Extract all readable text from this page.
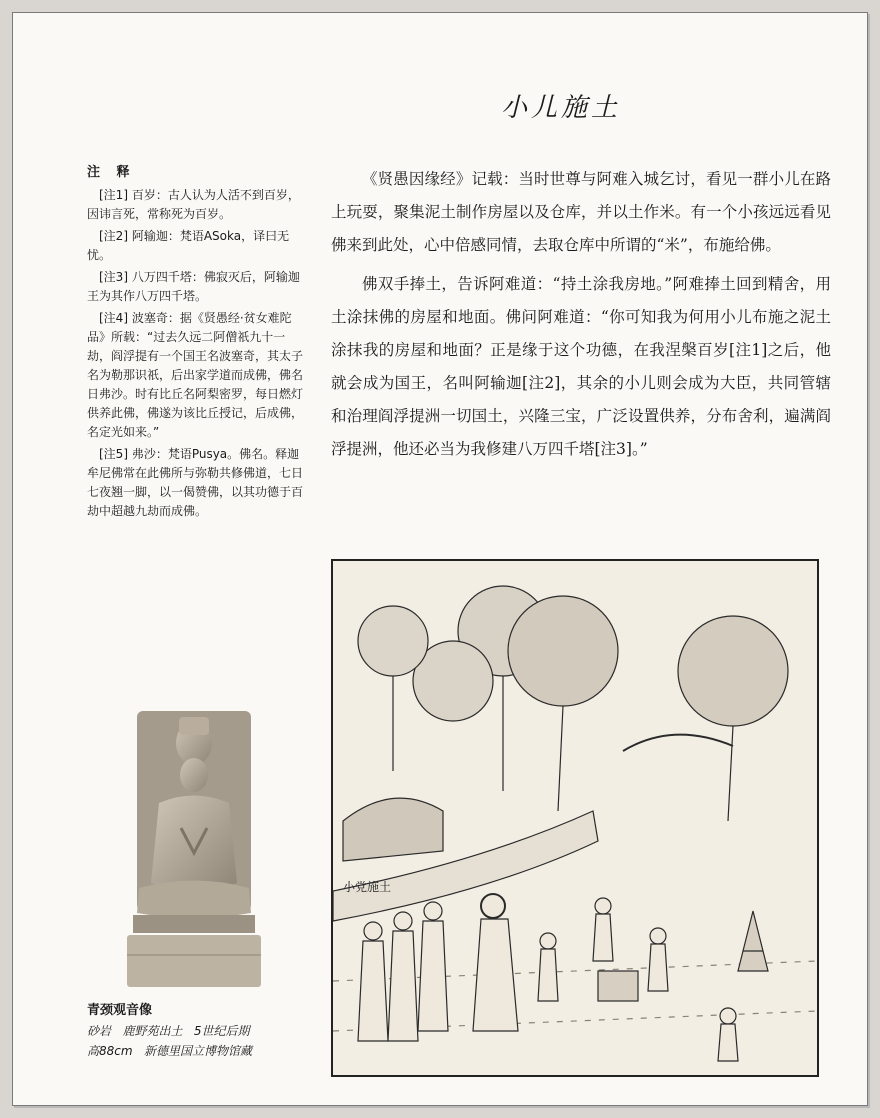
小儿施土
注 释
[注1] 百岁：古人认为人活不到百岁，因讳言死，常称死为百岁。
[注2] 阿输迦：梵语ASoka，译曰无忧。
[注3] 八万四千塔：佛寂灭后，阿输迦王为其作八万四千塔。
[注4] 波塞奇：据《贤愚经·贫女难陀品》所载：“过去久远二阿僧祇九十一劫，阎浮提有一个国王名波塞奇，其太子名为勒那识祇，后出家学道而成佛，佛名日弗沙。时有比丘名阿梨密罗，每日燃灯供养此佛，佛遂为该比丘授记，后成佛，名定光如来。”
[注5] 弗沙：梵语Pusya。佛名。释迦牟尼佛常在此佛所与弥勒共修佛道，七日七夜翘一脚，以一偈赞佛，以其功德于百劫中超越九劫而成佛。
青颈观音像
砂岩   鹿野苑出土   5世纪后期
高88cm   新德里国立博物馆藏

《贤愚因缘经》记载：当时世尊与阿难入城乞讨，看见一群小儿在路上玩耍，聚集泥土制作房屋以及仓库，并以土作米。有一个小孩远远看见佛来到此处，心中倍感同情，去取仓库中所谓的“米”，布施给佛。

佛双手捧土，告诉阿难道：“持土涂我房地。”阿难捧土回到精舍，用土涂抹佛的房屋和地面。佛问阿难道：“你可知我为何用小儿布施之泥土涂抹我的房屋和地面？正是缘于这个功德，在我涅槃百岁[注1]之后，他就会成为国王，名叫阿输迦[注2]，其余的小儿则会成为大臣，共同管辖和治理阎浮提洲一切国土，兴隆三宝，广泛设置供养，分布舍利，遍满阎浮提洲，他还必当为我修建八万四千塔[注3]。”

小党施土
